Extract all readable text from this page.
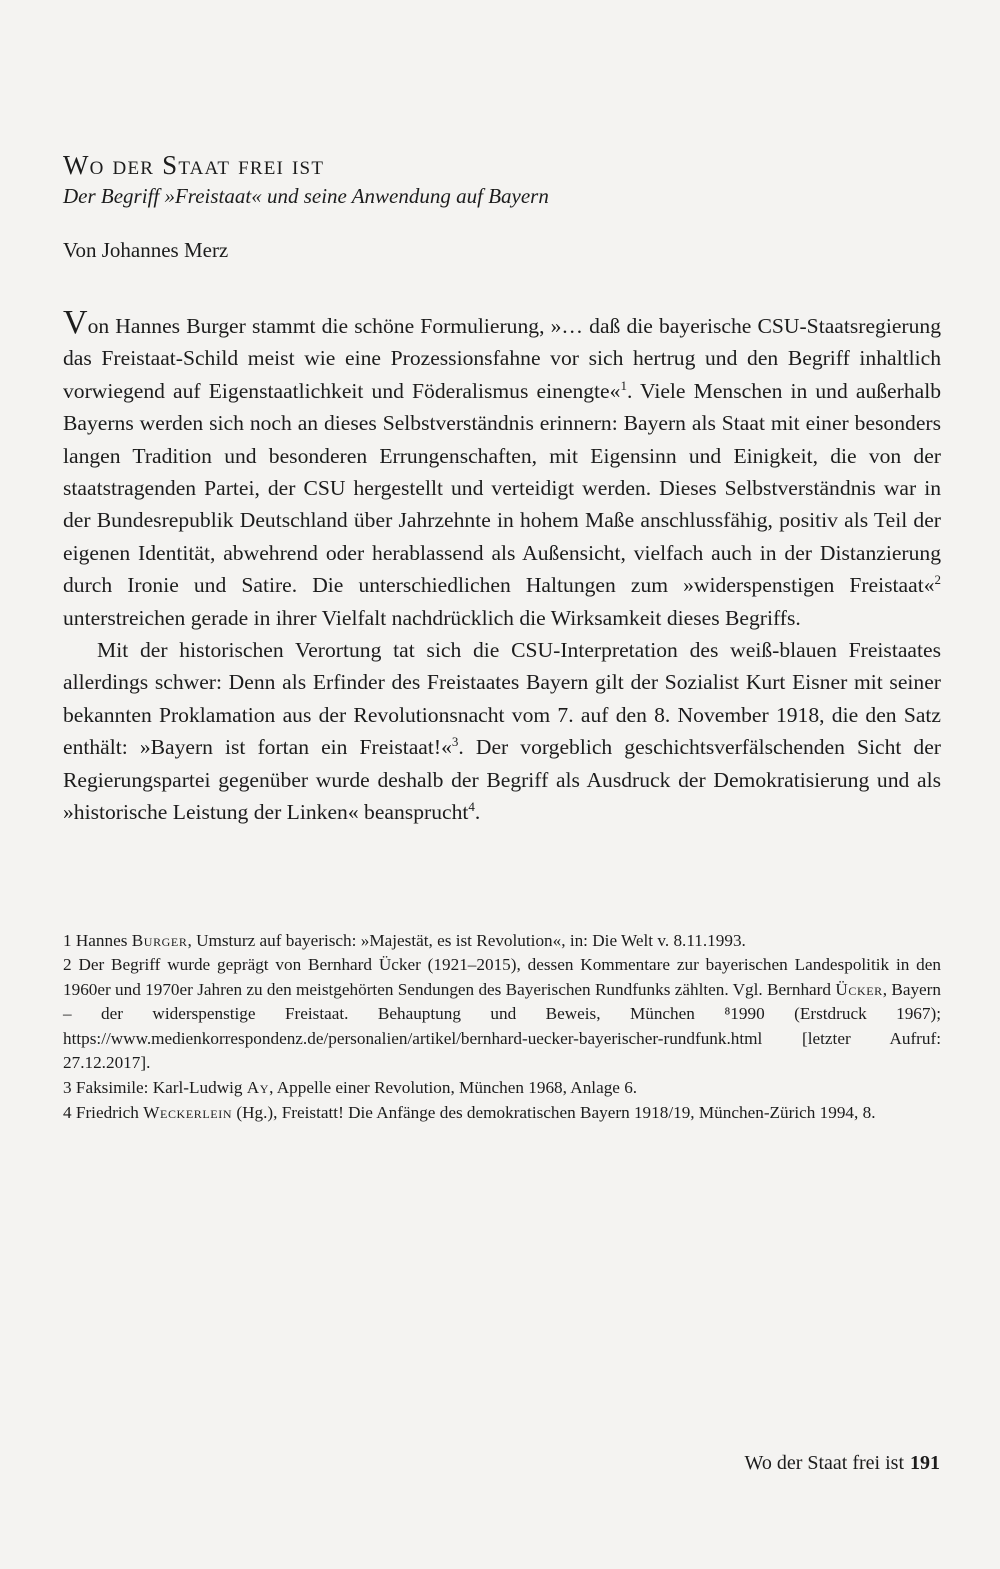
Wo der Staat frei ist

Der Begriff »Freistaat« und seine Anwendung auf Bayern

Von Johannes Merz

Von Hannes Burger stammt die schöne Formulierung, »… daß die bayerische CSU-Staatsregierung das Freistaat-Schild meist wie eine Prozessionsfahne vor sich hertrug und den Begriff inhaltlich vorwiegend auf Eigenstaatlichkeit und Föderalismus einengte«$^1$. Viele Menschen in und außerhalb Bayerns werden sich noch an dieses Selbstverständnis erinnern: Bayern als Staat mit einer besonders langen Tradition und besonderen Errungenschaften, mit Eigensinn und Einigkeit, die von der staatstragenden Partei, der CSU hergestellt und verteidigt werden. Dieses Selbstverständnis war in der Bundesrepublik Deutschland über Jahrzehnte in hohem Maße anschlussfähig, positiv als Teil der eigenen Identität, abwehrend oder herablassend als Außensicht, vielfach auch in der Distanzierung durch Ironie und Satire. Die unterschiedlichen Haltungen zum »widerspenstigen Freistaat«$^2$ unterstreichen gerade in ihrer Vielfalt nachdrücklich die Wirksamkeit dieses Begriffs.

Mit der historischen Verortung tat sich die CSU-Interpretation des weiß-blauen Freistaates allerdings schwer: Denn als Erfinder des Freistaates Bayern gilt der Sozialist Kurt Eisner mit seiner bekannten Proklamation aus der Revolutionsnacht vom 7. auf den 8. November 1918, die den Satz enthält: »Bayern ist fortan ein Freistaat!«$^3$. Der vorgeblich geschichtsverfälschenden Sicht der Regierungspartei gegenüber wurde deshalb der Begriff als Ausdruck der Demokratisierung und als »historische Leistung der Linken« beansprucht$^4$.

1 Hannes Burger, Umsturz auf bayerisch: »Majestät, es ist Revolution«, in: Die Welt v. 8.11.1993.

2 Der Begriff wurde geprägt von Bernhard Ücker (1921–2015), dessen Kommentare zur bayerischen Landespolitik in den 1960er und 1970er Jahren zu den meistgehörten Sendungen des Bayerischen Rundfunks zählten. Vgl. Bernhard Ücker, Bayern – der widerspenstige Freistaat. Behauptung und Beweis, München ⁸1990 (Erstdruck 1967); https://www.medienkorrespondenz.de/personalien/artikel/bernhard-uecker-bayerischer-rundfunk.html [letzter Aufruf: 27.12.2017].

3 Faksimile: Karl-Ludwig Ay, Appelle einer Revolution, München 1968, Anlage 6.

4 Friedrich Weckerlein (Hg.), Freistatt! Die Anfänge des demokratischen Bayern 1918/19, München-Zürich 1994, 8.

Wo der Staat frei ist 191
